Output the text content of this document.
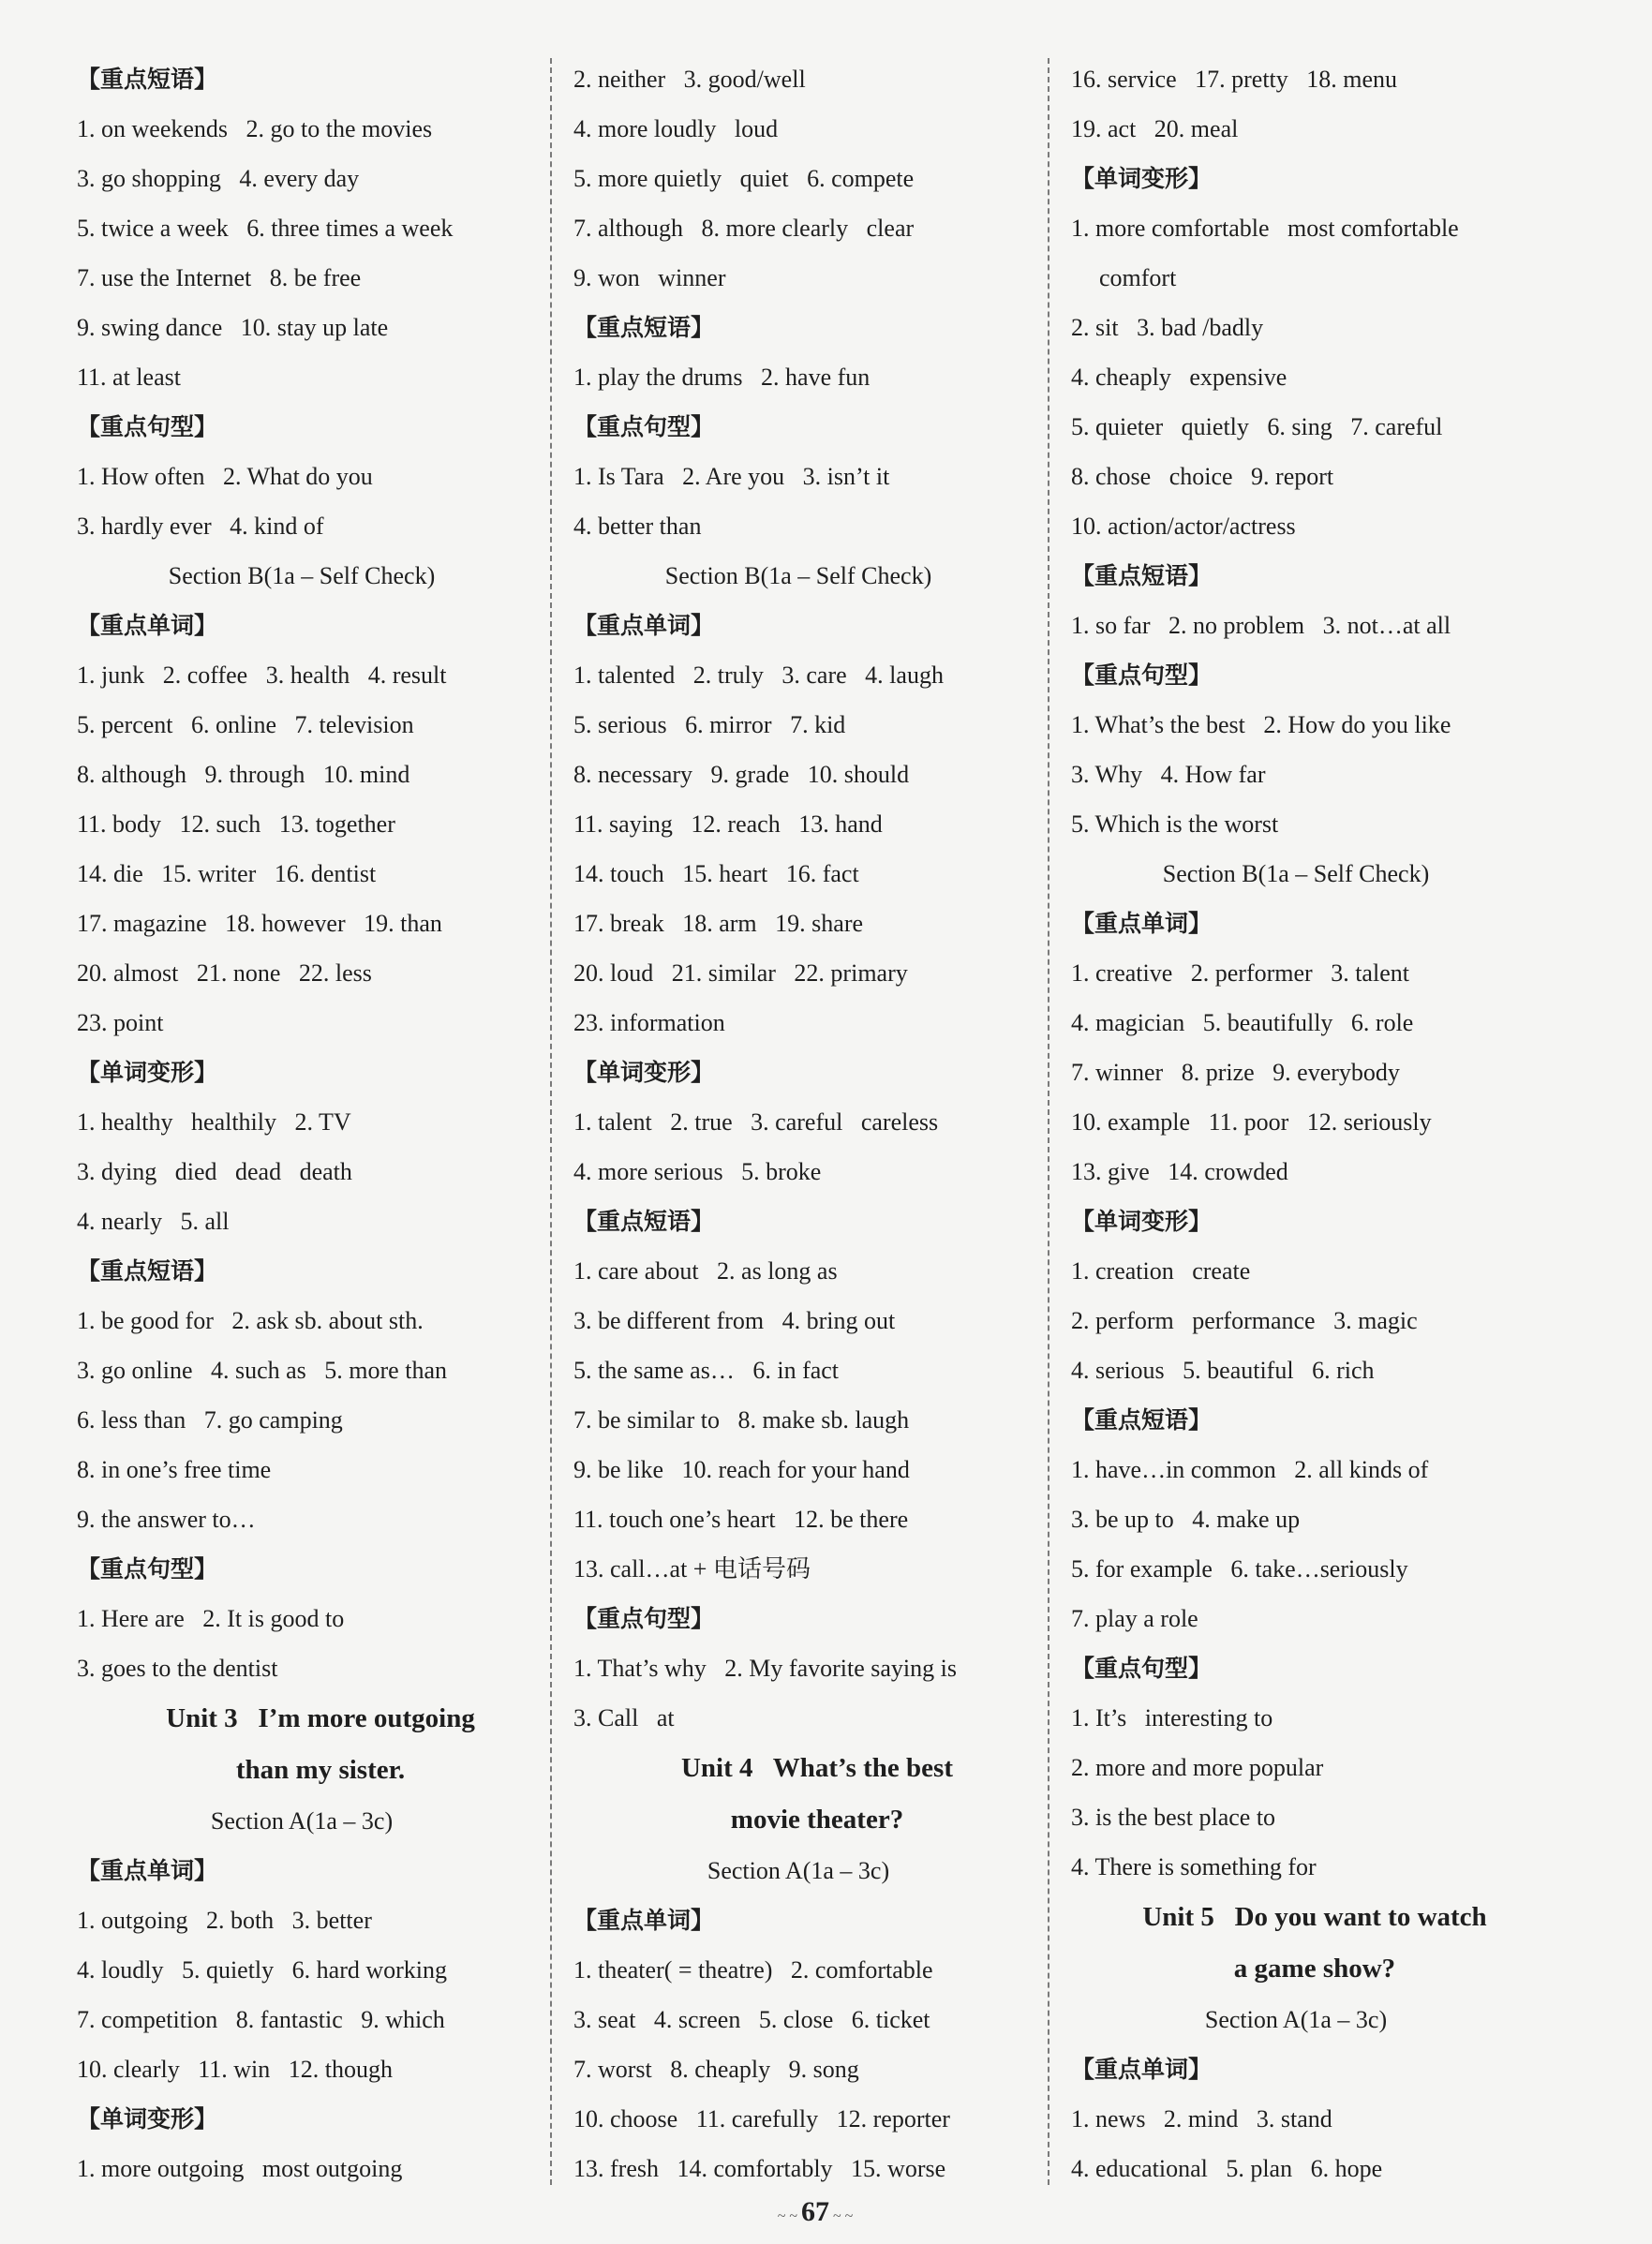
【重点短语】
1. on weekends   2. go to the movies
3. go shopping   4. every day
5. twice a week   6. three times a week
7. use the Internet   8. be free
9. swing dance   10. stay up late
11. at least
【重点句型】
1. How often   2. What do you
3. hardly ever   4. kind of
Section B(1a – Self Check)
【重点单词】
1. junk   2. coffee   3. health   4. result
5. percent   6. online   7. television
8. although   9. through   10. mind
11. body   12. such   13. together
14. die   15. writer   16. dentist
17. magazine   18. however   19. than
20. almost   21. none   22. less
23. point
【单词变形】
1. healthy   healthily   2. TV
3. dying   died   dead   death
4. nearly   5. all
【重点短语】
1. be good for   2. ask sb. about sth.
3. go online   4. such as   5. more than
6. less than   7. go camping
8. in one’s free time
9. the answer to…
【重点句型】
1. Here are   2. It is good to
3. goes to the dentist
Unit 3   I’m more outgoing
than my sister.
Section A(1a – 3c)
【重点单词】
1. outgoing   2. both   3. better
4. loudly   5. quietly   6. hard working
7. competition   8. fantastic   9. which
10. clearly   11. win   12. though
【单词变形】
1. more outgoing   most outgoing
2. neither   3. good/well
4. more loudly   loud
5. more quietly   quiet   6. compete
7. although   8. more clearly   clear
9. won   winner
【重点短语】
1. play the drums   2. have fun
【重点句型】
1. Is Tara   2. Are you   3. isn’t it
4. better than
Section B(1a – Self Check)
【重点单词】
1. talented   2. truly   3. care   4. laugh
5. serious   6. mirror   7. kid
8. necessary   9. grade   10. should
11. saying   12. reach   13. hand
14. touch   15. heart   16. fact
17. break   18. arm   19. share
20. loud   21. similar   22. primary
23. information
【单词变形】
1. talent   2. true   3. careful   careless
4. more serious   5. broke
【重点短语】
1. care about   2. as long as
3. be different from   4. bring out
5. the same as…   6. in fact
7. be similar to   8. make sb. laugh
9. be like   10. reach for your hand
11. touch one’s heart   12. be there
13. call…at + 电话号码
【重点句型】
1. That’s why   2. My favorite saying is
3. Call   at
Unit 4   What’s the best
movie theater?
Section A(1a – 3c)
【重点单词】
1. theater( = theatre)   2. comfortable
3. seat   4. screen   5. close   6. ticket
7. worst   8. cheaply   9. song
10. choose   11. carefully   12. reporter
13. fresh   14. comfortably   15. worse
16. service   17. pretty   18. menu
19. act   20. meal
【单词变形】
1. more comfortable   most comfortable
comfort
2. sit   3. bad /badly
4. cheaply   expensive
5. quieter   quietly   6. sing   7. careful
8. chose   choice   9. report
10. action/actor/actress
【重点短语】
1. so far   2. no problem   3. not…at all
【重点句型】
1. What’s the best   2. How do you like
3. Why   4. How far
5. Which is the worst
Section B(1a – Self Check)
【重点单词】
1. creative   2. performer   3. talent
4. magician   5. beautifully   6. role
7. winner   8. prize   9. everybody
10. example   11. poor   12. seriously
13. give   14. crowded
【单词变形】
1. creation   create
2. perform   performance   3. magic
4. serious   5. beautiful   6. rich
【重点短语】
1. have…in common   2. all kinds of
3. be up to   4. make up
5. for example   6. take…seriously
7. play a role
【重点句型】
1. It’s   interesting to
2. more and more popular
3. is the best place to
4. There is something for
Unit 5   Do you want to watch
a game show?
Section A(1a – 3c)
【重点单词】
1. news   2. mind   3. stand
4. educational   5. plan   6. hope
~ ~ 67 ~ ~
